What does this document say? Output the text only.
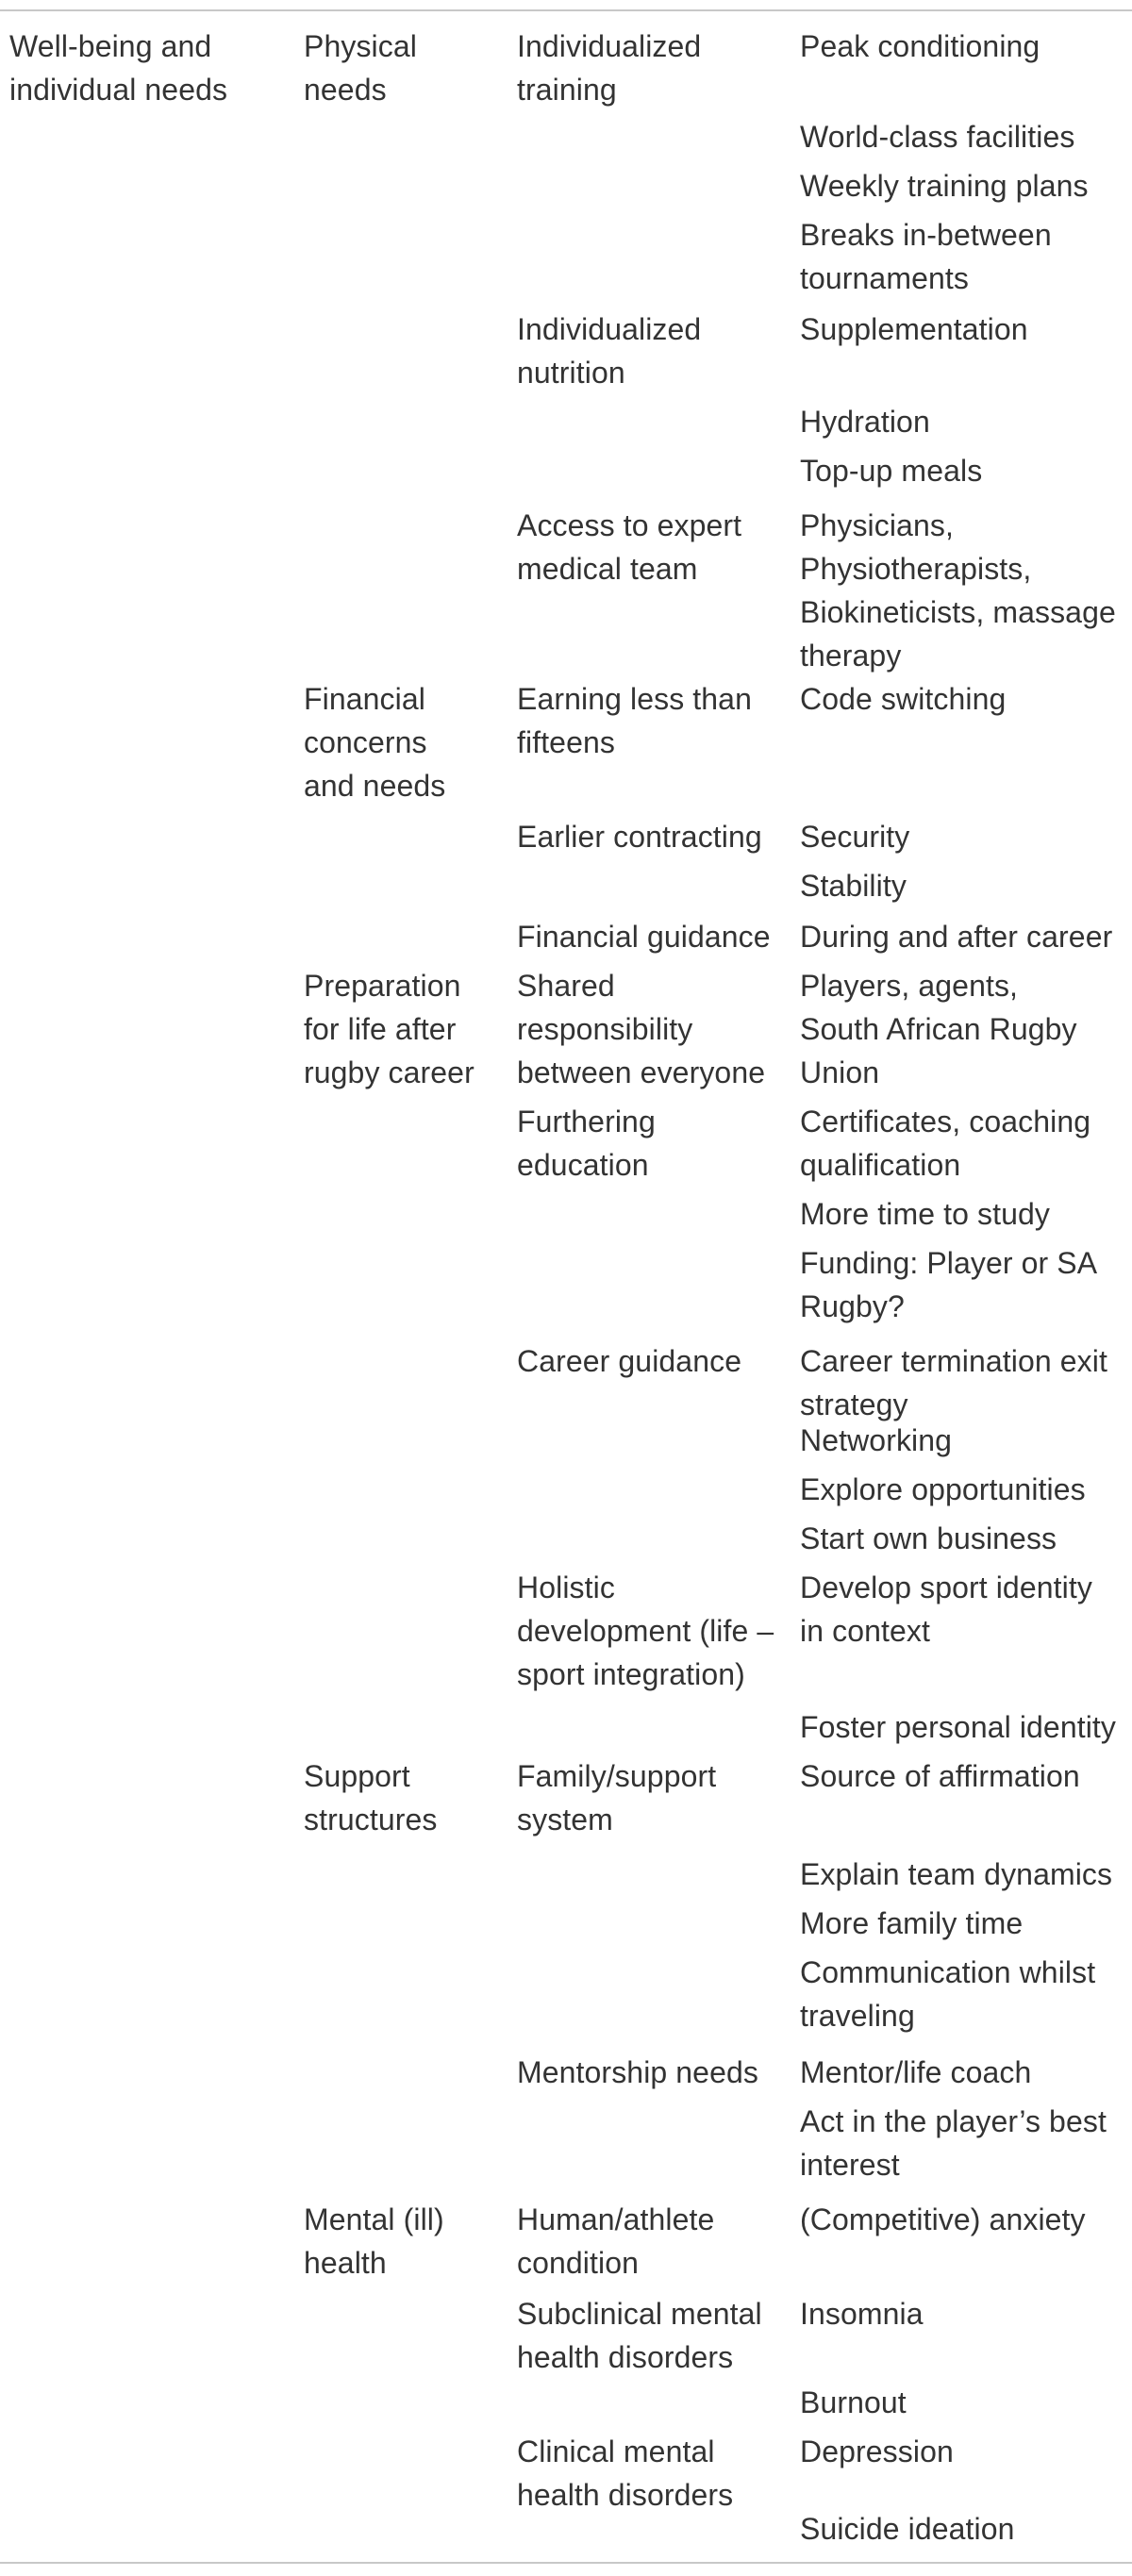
Well-being and
individual needs
Physical
needs
Financial
concerns
and needs
Preparation
for life after
rugby career
Support
structures
Mental (ill)
health
Individualized
training
Individualized
nutrition
Access to expert
medical team
Earning less than
fifteens
Earlier contracting
Financial guidance
Shared
responsibility
between everyone
Furthering
education
Career guidance
Holistic
development (life –
sport integration)
Family/support
system
Mentorship needs
Human/athlete
condition
Subclinical mental
health disorders
Clinical mental
health disorders
Peak conditioning
World-class facilities
Weekly training plans
Breaks in-between
tournaments
Supplementation
Hydration
Top-up meals
Physicians,
Physiotherapists,
Biokineticists, massage
therapy
Code switching
Security
Stability
During and after career
Players, agents,
South African Rugby
Union
Certificates, coaching
qualification
More time to study
Funding: Player or SA
Rugby?
Career termination exit
strategy
Networking
Explore opportunities
Start own business
Develop sport identity
in context
Foster personal identity
Source of affirmation
Explain team dynamics
More family time
Communication whilst
traveling
Mentor/life coach
Act in the player’s best
interest
(Competitive) anxiety
Insomnia
Burnout
Depression
Suicide ideation
